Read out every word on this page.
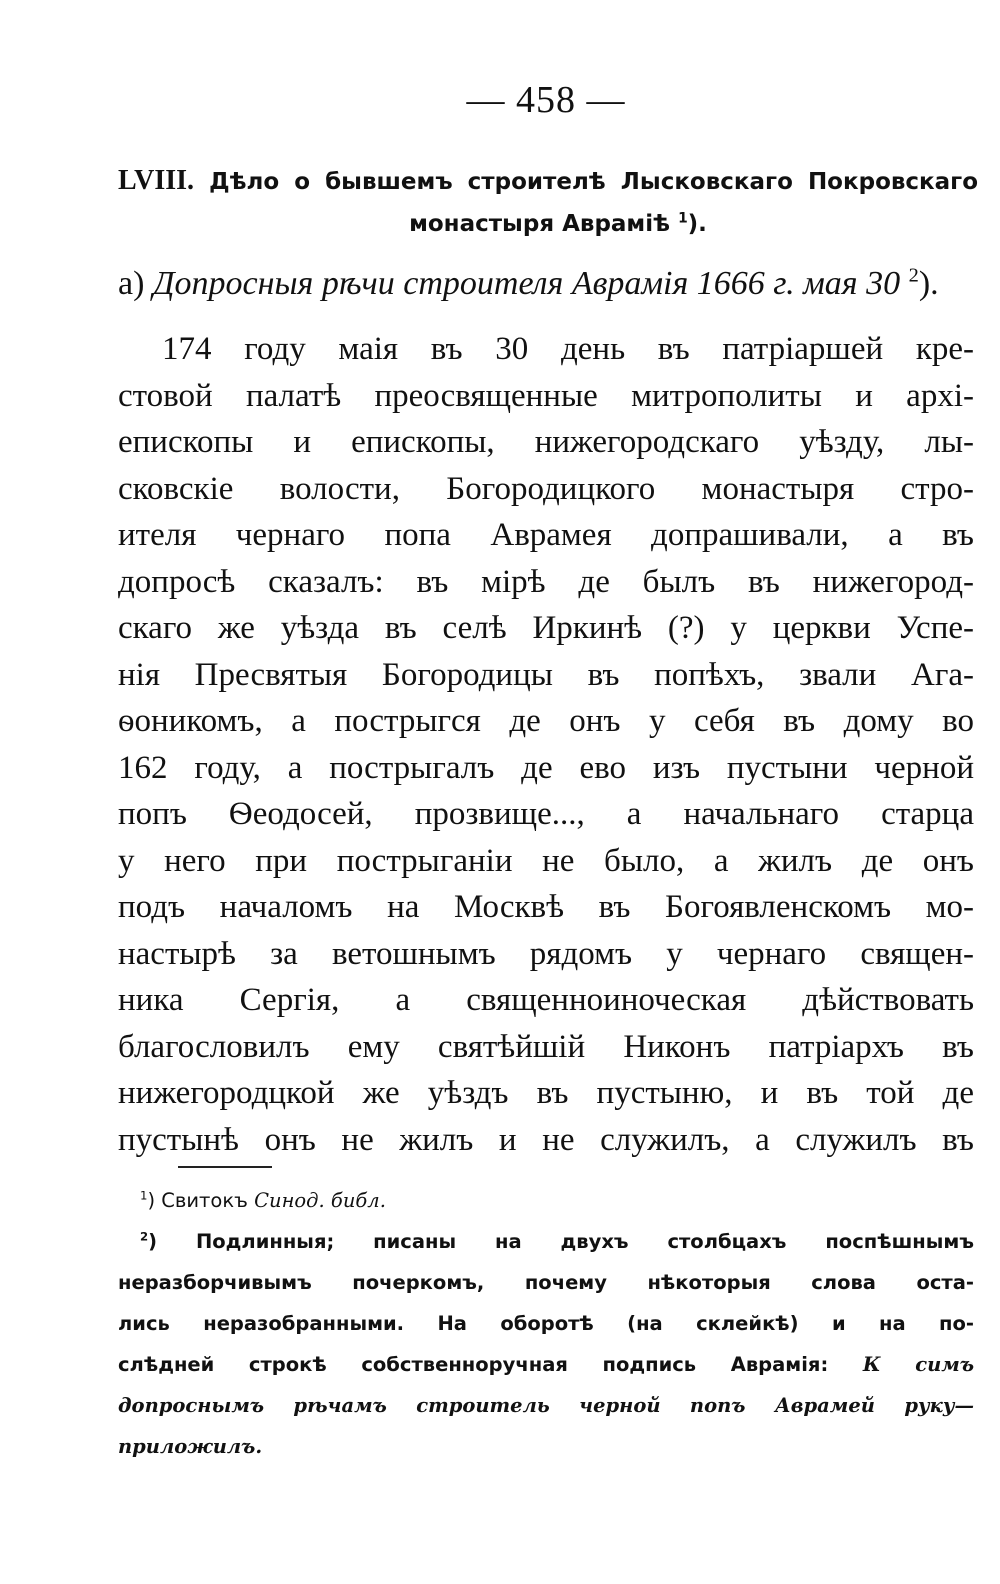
— 458 —
LVIII. Дѣло о бывшемъ строителѣ Лысковскаго Покровскаго
монастыря Аврамiѣ $^1$).
а) Допросныя рѣчи строителя Аврамiя 1666 г. мая 30 $^2$).
174 году маiя въ 30 день въ патрiаршей кре-
стовой палатѣ преосвященные митрополиты и архi-
епископы и епископы, нижегородскаго уѣзду, лы-
сковскiе волости, Богородицкого монастыря стро-
ителя чернаго попа Аврамея допрашивали, а въ
допросѣ сказалъ: въ мiрѣ де былъ въ нижегород-
скаго же уѣзда въ селѣ Иркинѣ (?) у церкви Успе-
нiя Пресвятыя Богородицы въ попѣхъ, звали Ага-
ѳоникомъ, а пострыгся де онъ у себя въ дому во
162 году, а пострыгалъ де ево изъ пустыни черной
попъ Ѳеодосей, прозвище..., а начальнаго старца
у него при пострыганiи не было, а жилъ де онъ
подъ началомъ на Москвѣ въ Богоявленскомъ мо-
настырѣ за ветошнымъ рядомъ у чернаго священ-
ника Сергiя, а священноиноческая дѣйствовать
благословилъ ему святѣйшiй Никонъ патрiархъ въ
нижегородцкой же уѣздъ въ пустыню, и въ той де
пустынѣ онъ не жилъ и не служилъ, а служилъ въ
$^1$) Свитокъ Синод. библ.
$^2$) Подлинныя; писаны на двухъ столбцахъ поспѣшнымъ
неразборчивымъ почеркомъ, почему нѣкоторыя слова оста-
лись неразобранными. На оборотѣ (на склейкѣ) и на по-
слѣдней строкѣ собственноручная подпись Аврамiя: К симъ
допроснымъ рѣчамъ строитель черной попъ Аврамей руку—
приложилъ.
